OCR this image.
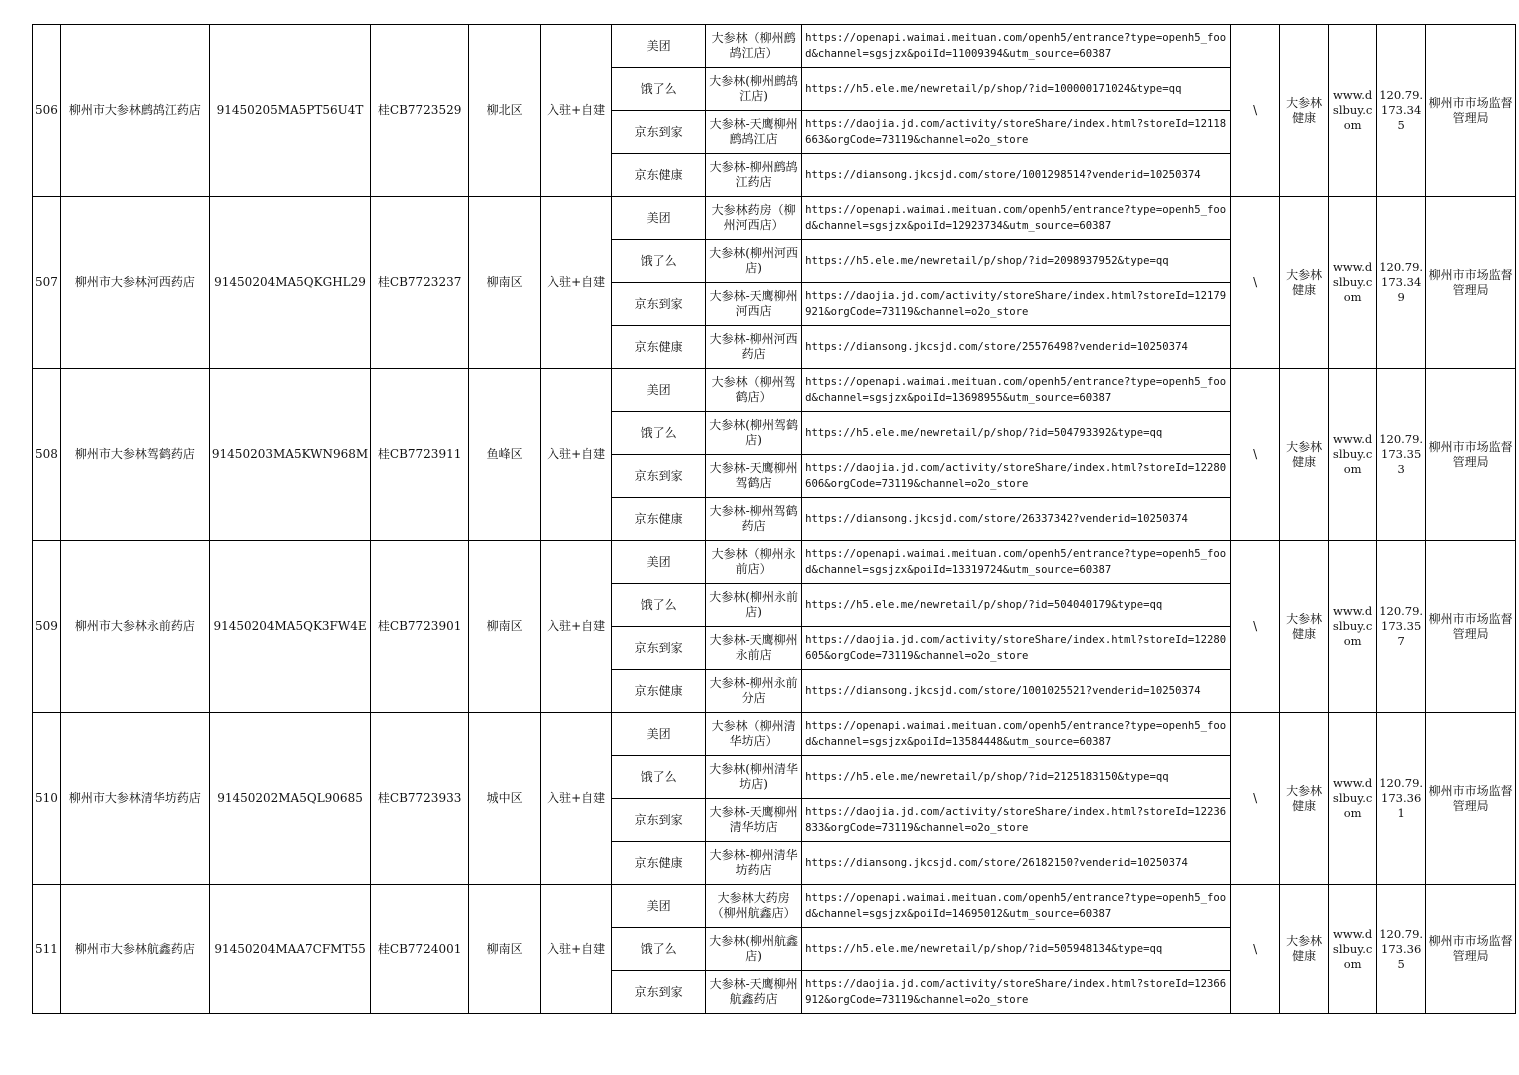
506	柳州市大参林鹧鸪江药店	91450205MA5PT56U4T	桂CB7723529	柳北区	入驻+自建	美团	大参林（柳州鹧鸪江店）	https://openapi.waimai.meituan.com/openh5/entrance?type=openh5_food&channel=sgsjzx&poiId=11009394&utm_source=60387	\	大参林健康	www.dslbuy.com	120.79.173.345	柳州市市场监督管理局
						饿了么	大参林(柳州鹧鸪江店)	https://h5.ele.me/newretail/p/shop/?id=100000171024&type=qq					
						京东到家	大参林-天鹰柳州鹧鸪江店	https://daojia.jd.com/activity/storeShare/index.html?storeId=12118663&orgCode=73119&channel=o2o_store					
						京东健康	大参林-柳州鹧鸪江药店	https://diansong.jkcsjd.com/store/1001298514?venderid=10250374					
507	柳州市大参林河西药店	91450204MA5QKGHL29	桂CB7723237	柳南区	入驻+自建	美团	大参林药房（柳州河西店）	https://openapi.waimai.meituan.com/openh5/entrance?type=openh5_food&channel=sgsjzx&poiId=12923734&utm_source=60387	\	大参林健康	www.dslbuy.com	120.79.173.349	柳州市市场监督管理局
						饿了么	大参林(柳州河西店)	https://h5.ele.me/newretail/p/shop/?id=2098937952&type=qq					
						京东到家	大参林-天鹰柳州河西店	https://daojia.jd.com/activity/storeShare/index.html?storeId=12179921&orgCode=73119&channel=o2o_store					
						京东健康	大参林-柳州河西药店	https://diansong.jkcsjd.com/store/25576498?venderid=10250374					
508	柳州市大参林驾鹤药店	91450203MA5KWN968M	桂CB7723911	鱼峰区	入驻+自建	美团	大参林（柳州驾鹤店）	https://openapi.waimai.meituan.com/openh5/entrance?type=openh5_food&channel=sgsjzx&poiId=13698955&utm_source=60387	\	大参林健康	www.dslbuy.com	120.79.173.353	柳州市市场监督管理局
						饿了么	大参林(柳州驾鹤店)	https://h5.ele.me/newretail/p/shop/?id=504793392&type=qq					
						京东到家	大参林-天鹰柳州驾鹤店	https://daojia.jd.com/activity/storeShare/index.html?storeId=12280606&orgCode=73119&channel=o2o_store					
						京东健康	大参林-柳州驾鹤药店	https://diansong.jkcsjd.com/store/26337342?venderid=10250374					
509	柳州市大参林永前药店	91450204MA5QK3FW4E	桂CB7723901	柳南区	入驻+自建	美团	大参林（柳州永前店）	https://openapi.waimai.meituan.com/openh5/entrance?type=openh5_food&channel=sgsjzx&poiId=13319724&utm_source=60387	\	大参林健康	www.dslbuy.com	120.79.173.357	柳州市市场监督管理局
						饿了么	大参林(柳州永前店)	https://h5.ele.me/newretail/p/shop/?id=504040179&type=qq					
						京东到家	大参林-天鹰柳州永前店	https://daojia.jd.com/activity/storeShare/index.html?storeId=12280605&orgCode=73119&channel=o2o_store					
						京东健康	大参林-柳州永前分店	https://diansong.jkcsjd.com/store/1001025521?venderid=10250374					
510	柳州市大参林清华坊药店	91450202MA5QL90685	桂CB7723933	城中区	入驻+自建	美团	大参林（柳州清华坊店）	https://openapi.waimai.meituan.com/openh5/entrance?type=openh5_food&channel=sgsjzx&poiId=13584448&utm_source=60387	\	大参林健康	www.dslbuy.com	120.79.173.361	柳州市市场监督管理局
						饿了么	大参林(柳州清华坊店)	https://h5.ele.me/newretail/p/shop/?id=2125183150&type=qq					
						京东到家	大参林-天鹰柳州清华坊店	https://daojia.jd.com/activity/storeShare/index.html?storeId=12236833&orgCode=73119&channel=o2o_store					
						京东健康	大参林-柳州清华坊药店	https://diansong.jkcsjd.com/store/26182150?venderid=10250374					
511	柳州市大参林航鑫药店	91450204MAA7CFMT55	桂CB7724001	柳南区	入驻+自建	美团	大参林大药房（柳州航鑫店）	https://openapi.waimai.meituan.com/openh5/entrance?type=openh5_food&channel=sgsjzx&poiId=14695012&utm_source=60387	\	大参林健康	www.dslbuy.com	120.79.173.365	柳州市市场监督管理局
						饿了么	大参林(柳州航鑫店)	https://h5.ele.me/newretail/p/shop/?id=505948134&type=qq					
						京东到家	大参林-天鹰柳州航鑫药店	https://daojia.jd.com/activity/storeShare/index.html?storeId=12366912&orgCode=73119&channel=o2o_store					
